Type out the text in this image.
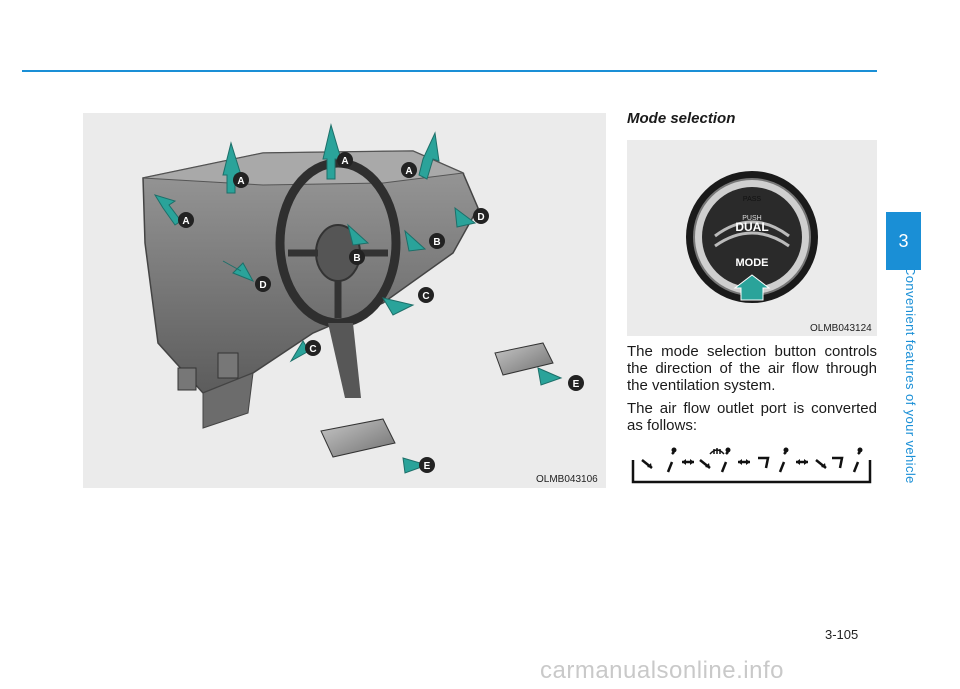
A
A
A
A
B
B
C
C
D
D
E
E
OLMB043106
Mode selection
PASS
PUSH
DUAL
MODE
OLMB043124
The mode selection button controls the direction of the air flow through the ventilation system.
The air flow outlet port is converted as follows:
3
Convenient features of your vehicle
3-105
carmanualsonline.info
